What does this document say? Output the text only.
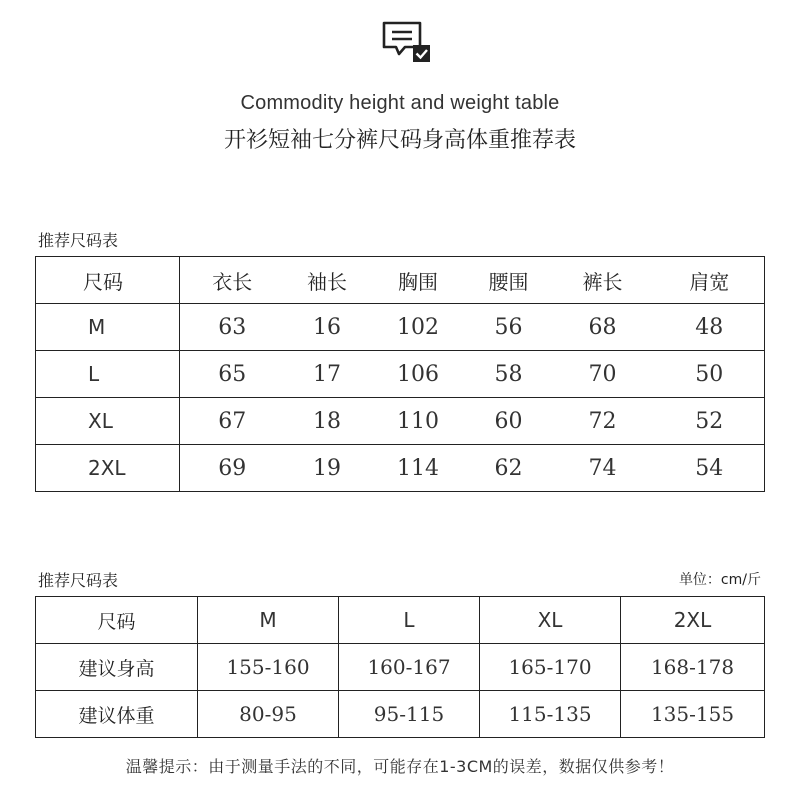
Commodity height and weight table
开衫短袖七分裤尺码身高体重推荐表
推荐尺码表
尺码	衣长	袖长	胸围	腰围	裤长	肩宽
M	63	16	102	56	68	48
L	65	17	106	58	70	50
XL	67	18	110	60	72	52
2XL	69	19	114	62	74	54
推荐尺码表	单位：cm/斤
尺码	M	L	XL	2XL
建议身高	155-160	160-167	165-170	168-178
建议体重	80-95	95-115	115-135	135-155
温馨提示：由于测量手法的不同，可能存在1-3CM的误差，数据仅供参考！
